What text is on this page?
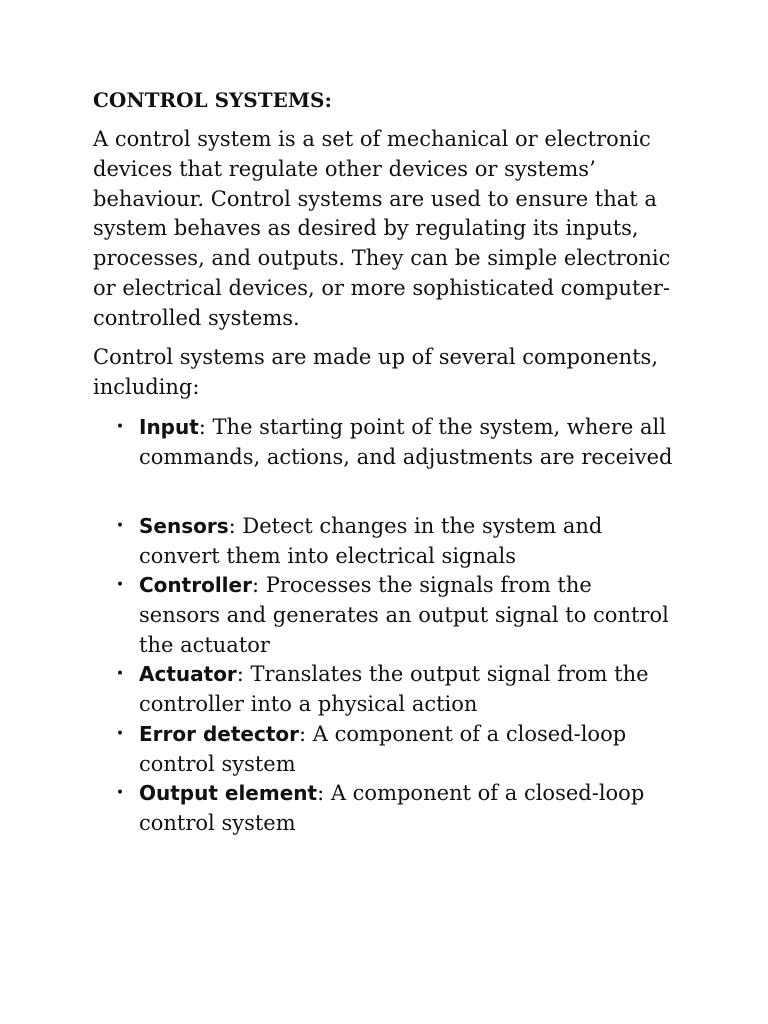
CONTROL SYSTEMS:

A control system is a set of mechanical or electronic devices that regulate other devices or systems’ behaviour. Control systems are used to ensure that a system behaves as desired by regulating its inputs, processes, and outputs. They can be simple electronic or electrical devices, or more sophisticated computer-controlled systems.

Control systems are made up of several components, including:

• Input: The starting point of the system, where all commands, actions, and adjustments are received
• Sensors: Detect changes in the system and convert them into electrical signals
• Controller: Processes the signals from the sensors and generates an output signal to control the actuator
• Actuator: Translates the output signal from the controller into a physical action
• Error detector: A component of a closed-loop control system
• Output element: A component of a closed-loop control system
